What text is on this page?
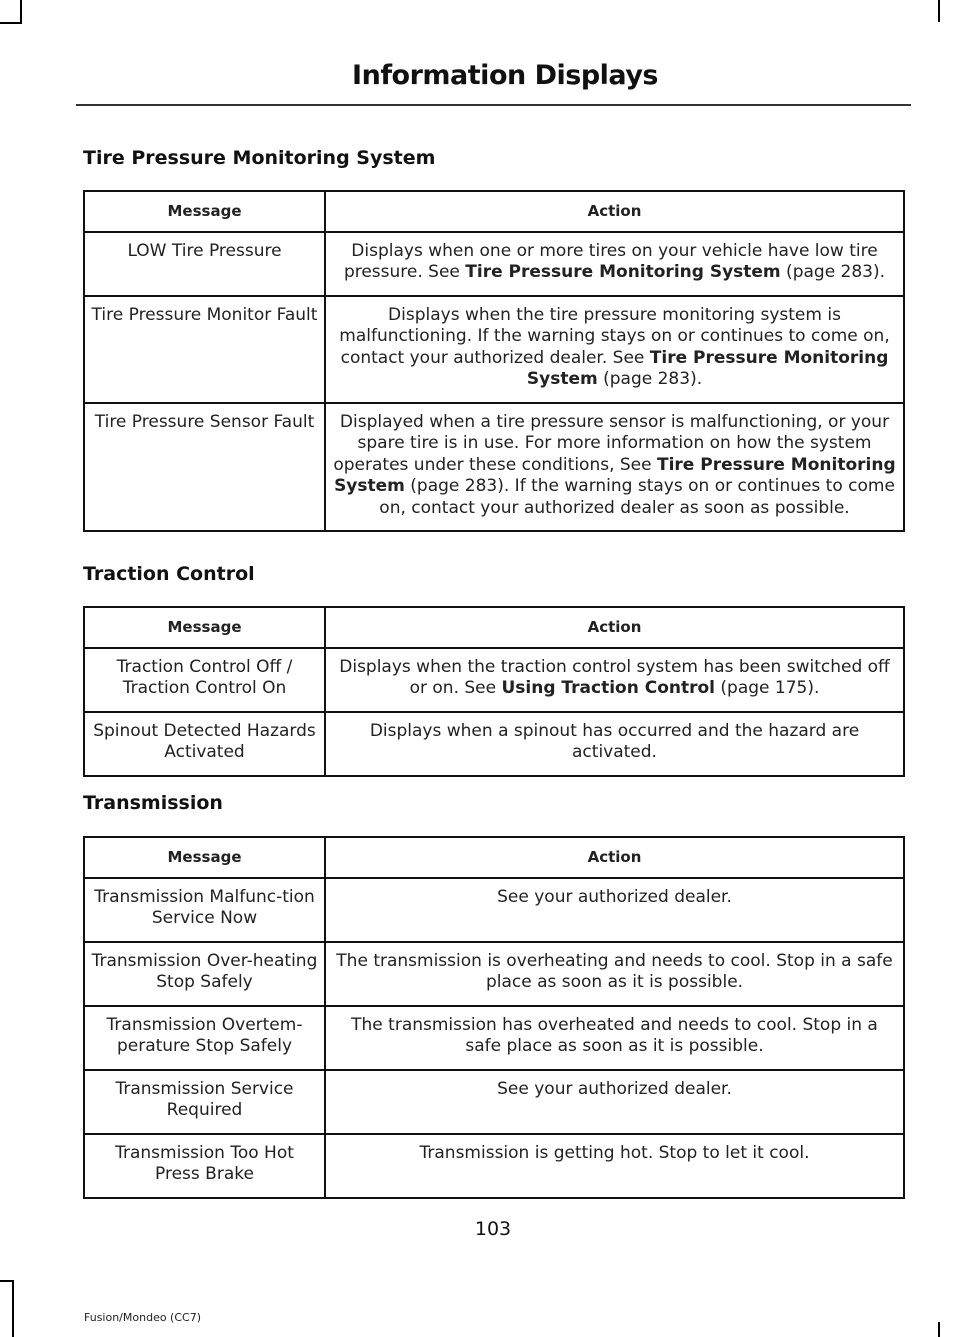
Information Displays
Tire Pressure Monitoring System
Message	Action
LOW Tire Pressure	Displays when one or more tires on your vehicle have low tire pressure. See Tire Pressure Monitoring System (page 283).
Tire Pressure Monitor Fault	Displays when the tire pressure monitoring system is malfunctioning. If the warning stays on or continues to come on, contact your authorized dealer. See Tire Pressure Monitoring System (page 283).
Tire Pressure Sensor Fault	Displayed when a tire pressure sensor is malfunctioning, or your spare tire is in use. For more information on how the system operates under these conditions, See Tire Pressure Monitoring System (page 283). If the warning stays on or continues to come on, contact your authorized dealer as soon as possible.
Traction Control
Message	Action
Traction Control Off / Traction Control On	Displays when the traction control system has been switched off or on. See Using Traction Control (page 175).
Spinout Detected Hazards Activated	Displays when a spinout has occurred and the hazard are activated.
Transmission
Message	Action
Transmission Malfunc-tion Service Now	See your authorized dealer.
Transmission Over-heating Stop Safely	The transmission is overheating and needs to cool. Stop in a safe place as soon as it is possible.
Transmission Overtem-perature Stop Safely	The transmission has overheated and needs to cool. Stop in a safe place as soon as it is possible.
Transmission Service Required	See your authorized dealer.
Transmission Too Hot Press Brake	Transmission is getting hot. Stop to let it cool.
103
Fusion/Mondeo (CC7)
